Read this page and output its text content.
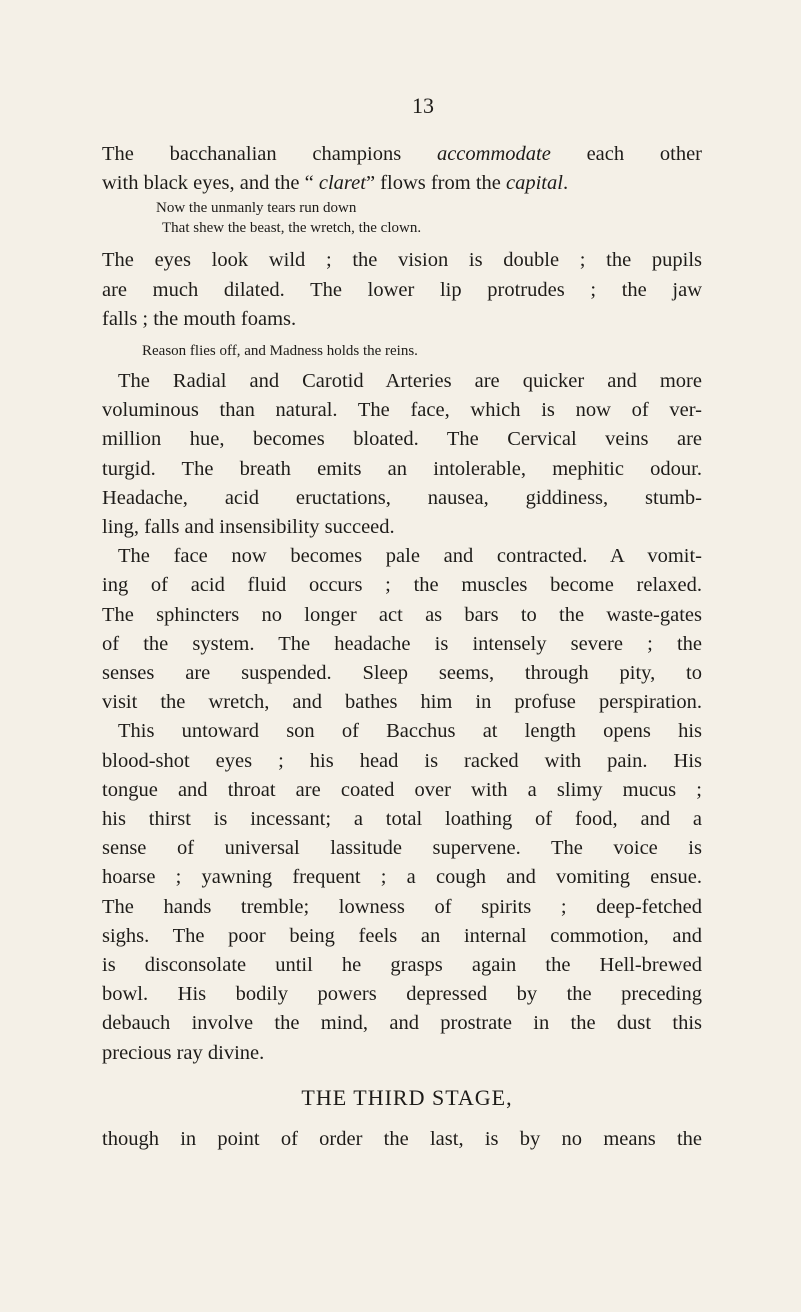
13
The bacchanalian champions accommodate each other
with black eyes, and the “ claret” flows from the capital.
Now the unmanly tears run down
That shew the beast, the wretch, the clown.
The eyes look wild ; the vision is double ; the pupils
are much dilated. The lower lip protrudes ; the jaw
falls ; the mouth foams.
Reason flies off, and Madness holds the reins.
The Radial and Carotid Arteries are quicker and more
voluminous than natural. The face, which is now of ver-
million hue, becomes bloated. The Cervical veins are
turgid. The breath emits an intolerable, mephitic odour.
Headache, acid eructations, nausea, giddiness, stumb-
ling, falls and insensibility succeed.
The face now becomes pale and contracted. A vomit-
ing of acid fluid occurs ; the muscles become relaxed.
The sphincters no longer act as bars to the waste-gates
of the system. The headache is intensely severe ; the
senses are suspended. Sleep seems, through pity, to
visit the wretch, and bathes him in profuse perspiration.
This untoward son of Bacchus at length opens his
blood-shot eyes ; his head is racked with pain. His
tongue and throat are coated over with a slimy mucus ;
his thirst is incessant; a total loathing of food, and a
sense of universal lassitude supervene. The voice is
hoarse ; yawning frequent ; a cough and vomiting ensue.
The hands tremble; lowness of spirits ; deep-fetched
sighs. The poor being feels an internal commotion, and
is disconsolate until he grasps again the Hell-brewed
bowl. His bodily powers depressed by the preceding
debauch involve the mind, and prostrate in the dust this
precious ray divine.
THE THIRD STAGE,
though in point of order the last, is by no means the
